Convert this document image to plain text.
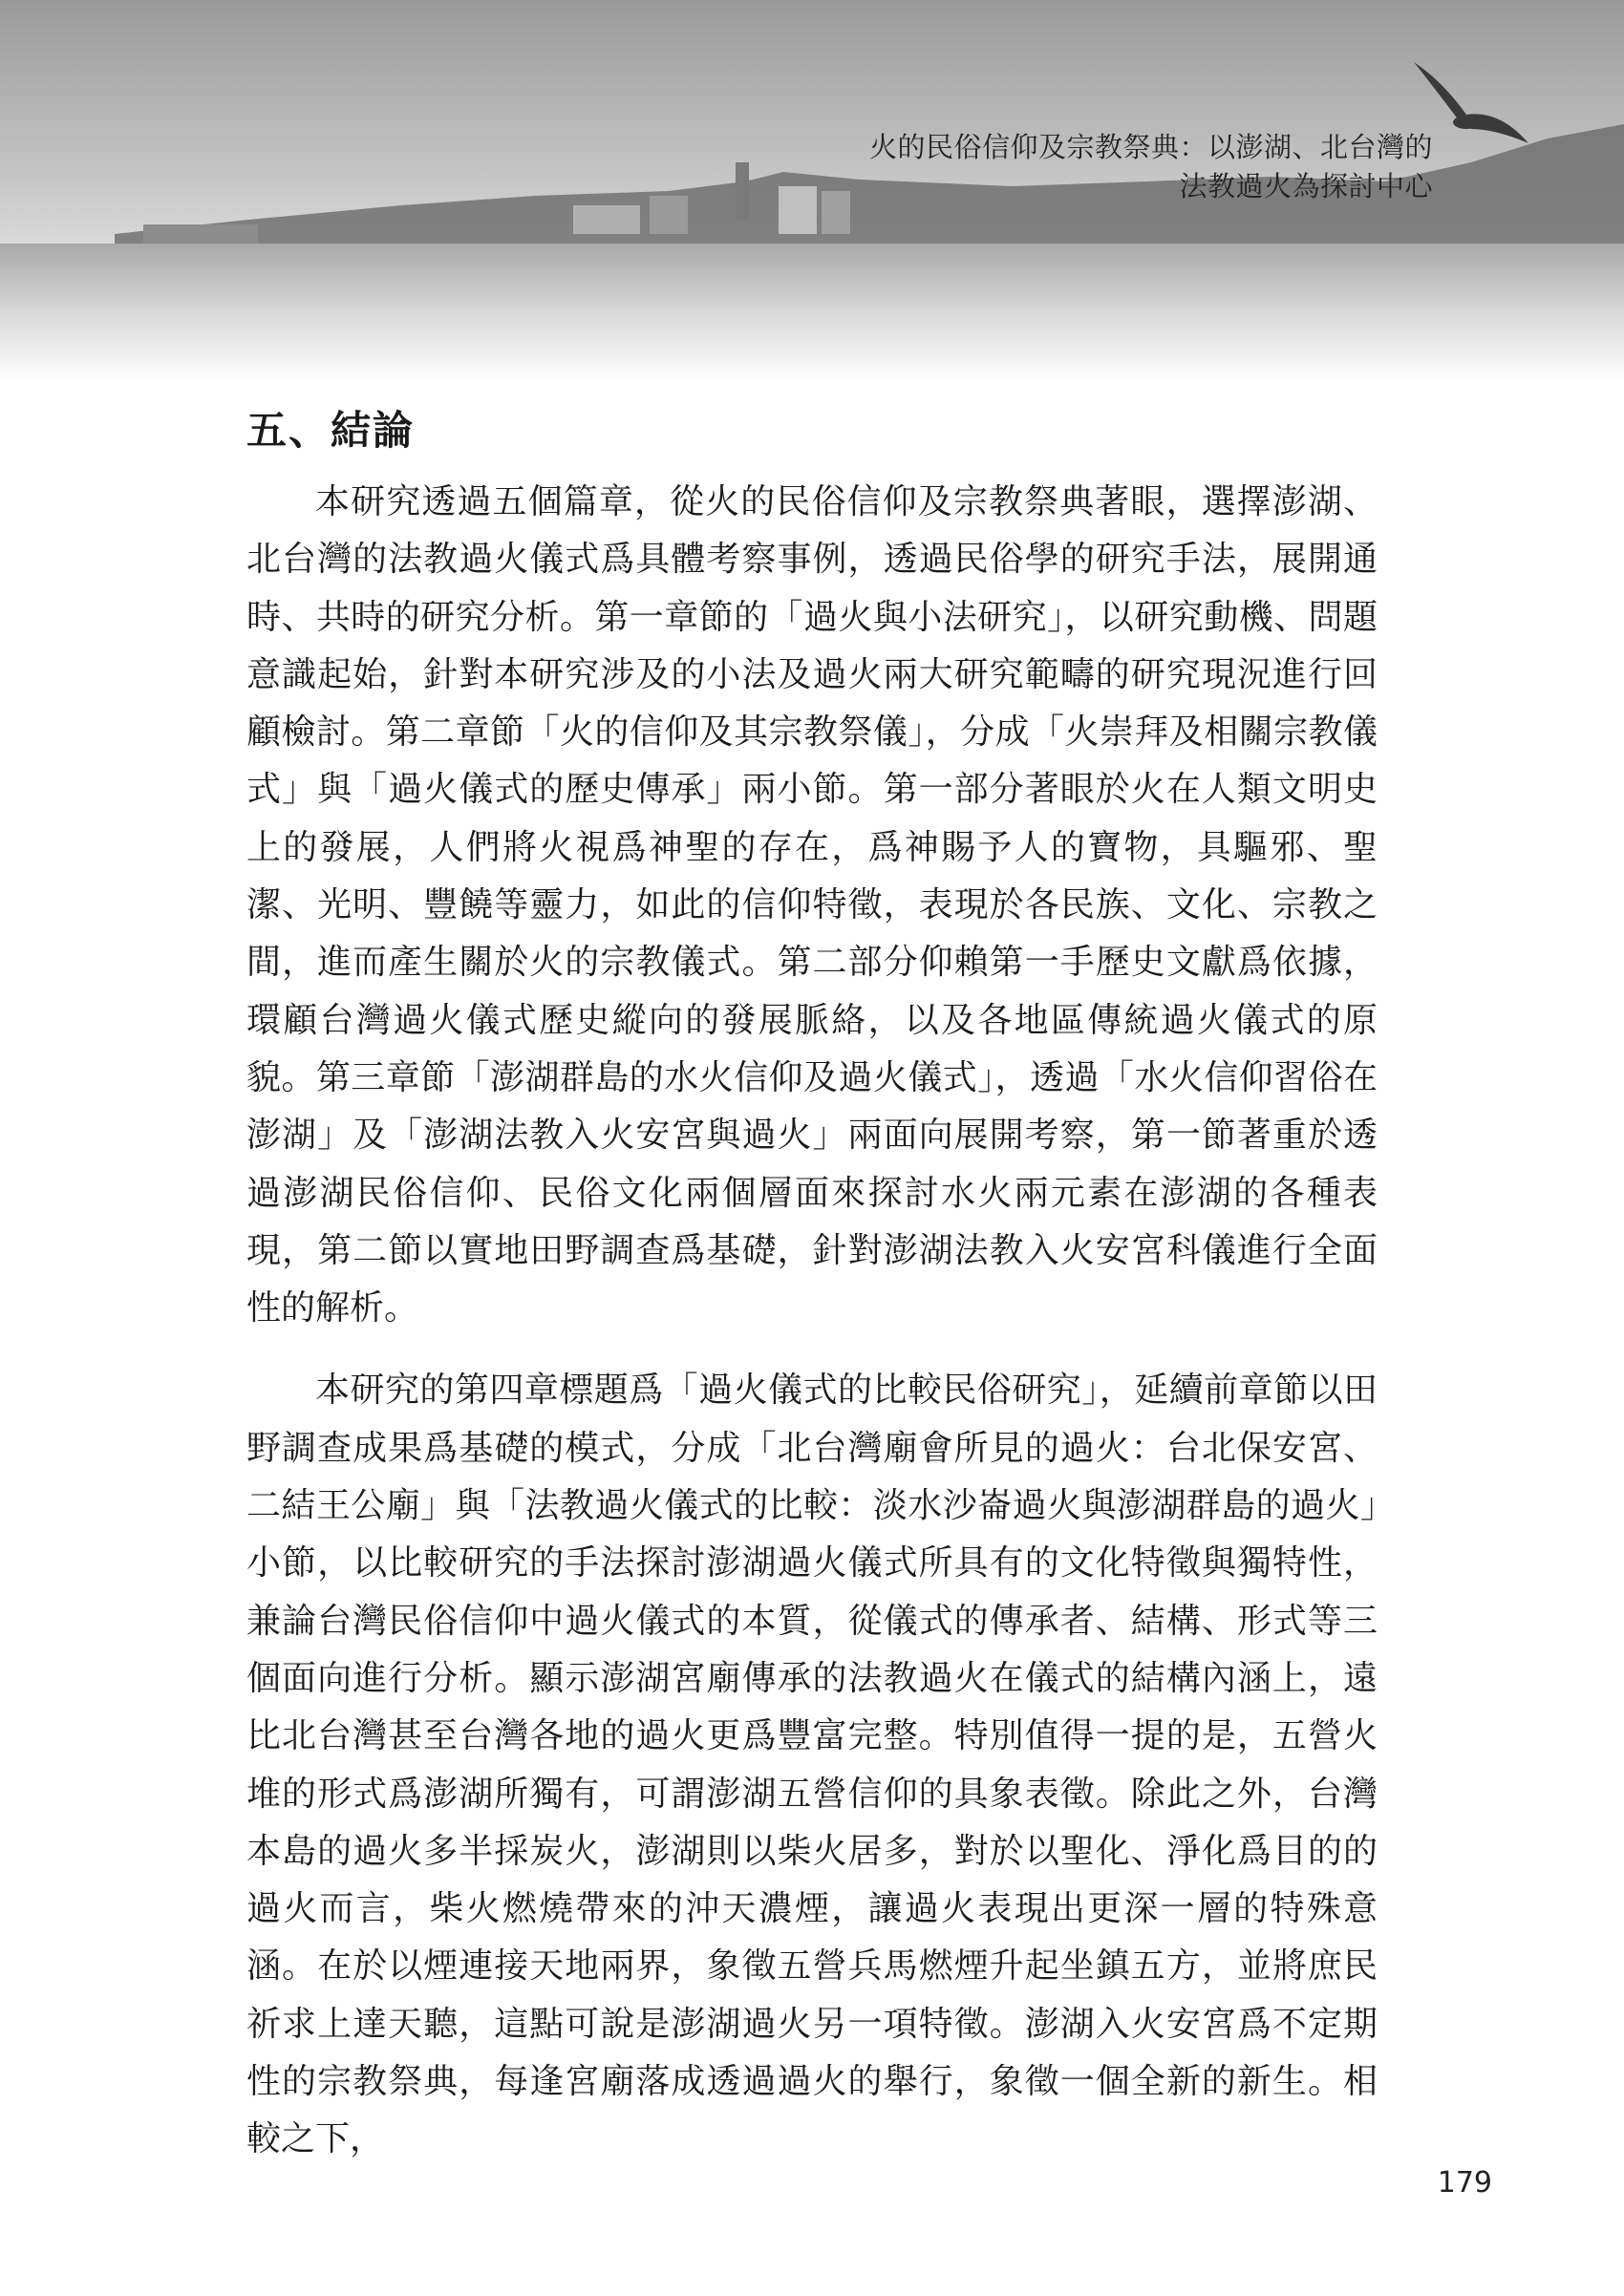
火的民俗信仰及宗教祭典：以澎湖、北台灣的法教過火為探討中心
五、結論

本研究透過五個篇章，從火的民俗信仰及宗教祭典著眼，選擇澎湖、北台灣的法教過火儀式爲具體考察事例，透過民俗學的研究手法，展開通時、共時的研究分析。第一章節的「過火與小法研究」，以研究動機、問題意識起始，針對本研究涉及的小法及過火兩大研究範疇的研究現況進行回顧檢討。第二章節「火的信仰及其宗教祭儀」，分成「火崇拜及相關宗教儀式」與「過火儀式的歷史傳承」兩小節。第一部分著眼於火在人類文明史上的發展，人們將火視爲神聖的存在，爲神賜予人的寶物，具驅邪、聖潔、光明、豐饒等靈力，如此的信仰特徵，表現於各民族、文化、宗教之間，進而產生關於火的宗教儀式。第二部分仰賴第一手歷史文獻爲依據，環顧台灣過火儀式歷史縱向的發展脈絡，以及各地區傳統過火儀式的原貌。第三章節「澎湖群島的水火信仰及過火儀式」，透過「水火信仰習俗在澎湖」及「澎湖法教入火安宮與過火」兩面向展開考察，第一節著重於透過澎湖民俗信仰、民俗文化兩個層面來探討水火兩元素在澎湖的各種表現，第二節以實地田野調查爲基礎，針對澎湖法教入火安宮科儀進行全面性的解析。

本研究的第四章標題爲「過火儀式的比較民俗研究」，延續前章節以田野調查成果爲基礎的模式，分成「北台灣廟會所見的過火：台北保安宮、二結王公廟」與「法教過火儀式的比較：淡水沙崙過火與澎湖群島的過火」小節，以比較研究的手法探討澎湖過火儀式所具有的文化特徵與獨特性，兼論台灣民俗信仰中過火儀式的本質，從儀式的傳承者、結構、形式等三個面向進行分析。顯示澎湖宮廟傳承的法教過火在儀式的結構內涵上，遠比北台灣甚至台灣各地的過火更爲豐富完整。特別值得一提的是，五營火堆的形式爲澎湖所獨有，可謂澎湖五營信仰的具象表徵。除此之外，台灣本島的過火多半採炭火，澎湖則以柴火居多，對於以聖化、淨化爲目的的過火而言，柴火燃燒帶來的沖天濃煙，讓過火表現出更深一層的特殊意涵。在於以煙連接天地兩界，象徵五營兵馬燃煙升起坐鎮五方，並將庶民祈求上達天聽，這點可說是澎湖過火另一項特徵。澎湖入火安宮爲不定期性的宗教祭典，每逢宮廟落成透過過火的舉行，象徵一個全新的新生。相較之下，

179
